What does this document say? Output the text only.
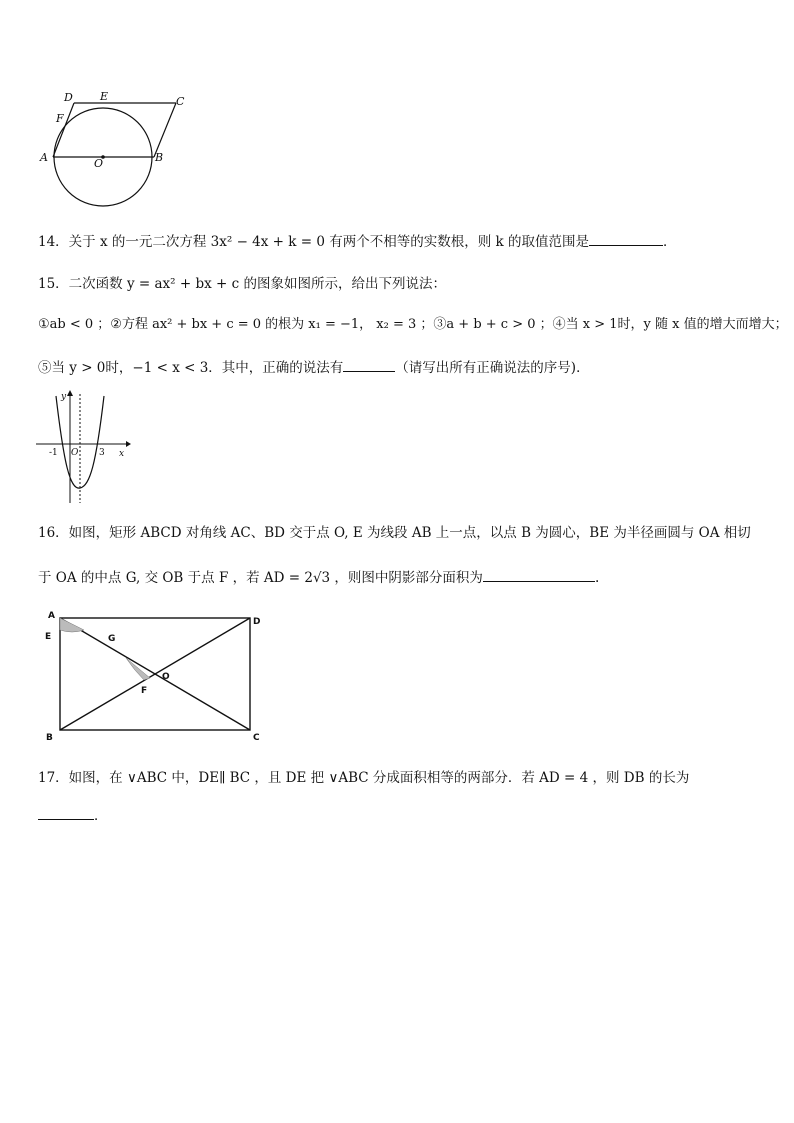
D E	C
F
A	O	B
14．关于 x 的一元二次方程 3x² − 4x + k = 0 有两个不相等的实数根，则 k 的取值范围是	．
15．二次函数 y = ax² + bx + c 的图象如图所示，给出下列说法：
①ab < 0 ；②方程 ax² + bx + c = 0 的根为 x₁ = −1， x₂ = 3 ；③a + b + c > 0 ；④当 x > 1时，y 随 x 值的增大而增大；
⑤当 y > 0时，−1 < x < 3．其中，正确的说法有	（请写出所有正确说法的序号)．
y
x
-1 O 3
16．如图，矩形 ABCD 对角线 AC、BD 交于点 O, E 为线段 AB 上一点，以点 B 为圆心，BE 为半径画圆与 OA 相切
于 OA 的中点 G, 交 OB 于点 F ，若 AD = 2√3 ，则图中阴影部分面积为	.
A
D
E	G
O
F
B	C
17．如图，在 ∨ABC 中，DE∥ BC ，且 DE 把 ∨ABC 分成面积相等的两部分．若 AD = 4 ，则 DB 的长为
．
